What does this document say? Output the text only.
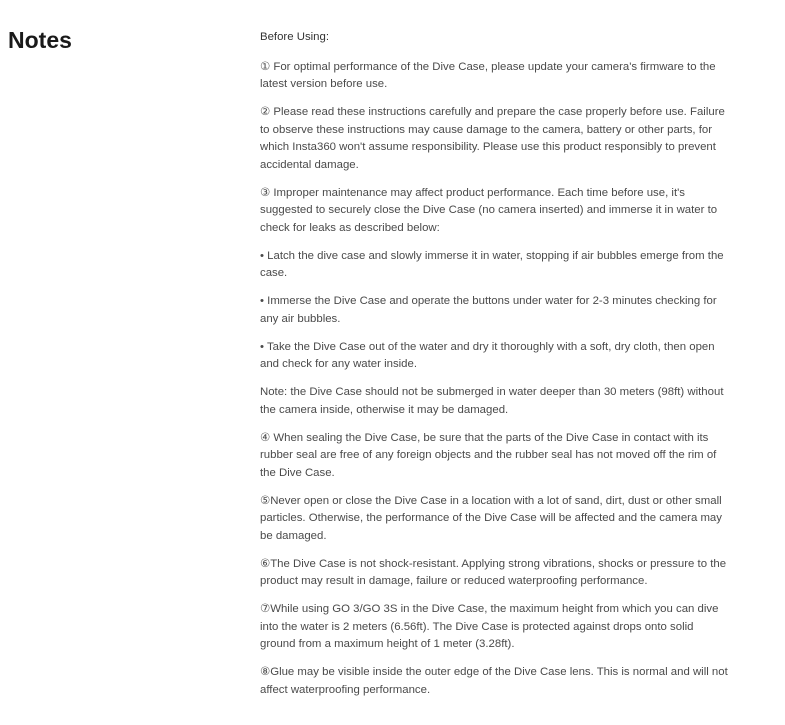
Notes	Before Using:

① For optimal performance of the Dive Case, please update your camera's firmware to the latest version before use.

② Please read these instructions carefully and prepare the case properly before use. Failure to observe these instructions may cause damage to the camera, battery or other parts, for which Insta360 won't assume responsibility. Please use this product responsibly to prevent accidental damage.

③ Improper maintenance may affect product performance. Each time before use, it's suggested to securely close the Dive Case (no camera inserted) and immerse it in water to check for leaks as described below:

• Latch the dive case and slowly immerse it in water, stopping if air bubbles emerge from the case.

• Immerse the Dive Case and operate the buttons under water for 2-3 minutes checking for any air bubbles.

• Take the Dive Case out of the water and dry it thoroughly with a soft, dry cloth, then open and check for any water inside.

Note: the Dive Case should not be submerged in water deeper than 30 meters (98ft) without the camera inside, otherwise it may be damaged.

④ When sealing the Dive Case, be sure that the parts of the Dive Case in contact with its rubber seal are free of any foreign objects and the rubber seal has not moved off the rim of the Dive Case.

⑤Never open or close the Dive Case in a location with a lot of sand, dirt, dust or other small particles. Otherwise, the performance of the Dive Case will be affected and the camera may be damaged.

⑥The Dive Case is not shock-resistant. Applying strong vibrations, shocks or pressure to the product may result in damage, failure or reduced waterproofing performance.

⑦While using GO 3/GO 3S in the Dive Case, the maximum height from which you can dive into the water is 2 meters (6.56ft). The Dive Case is protected against drops onto solid ground from a maximum height of 1 meter (3.28ft).

⑧Glue may be visible inside the outer edge of the Dive Case lens. This is normal and will not affect waterproofing performance.
